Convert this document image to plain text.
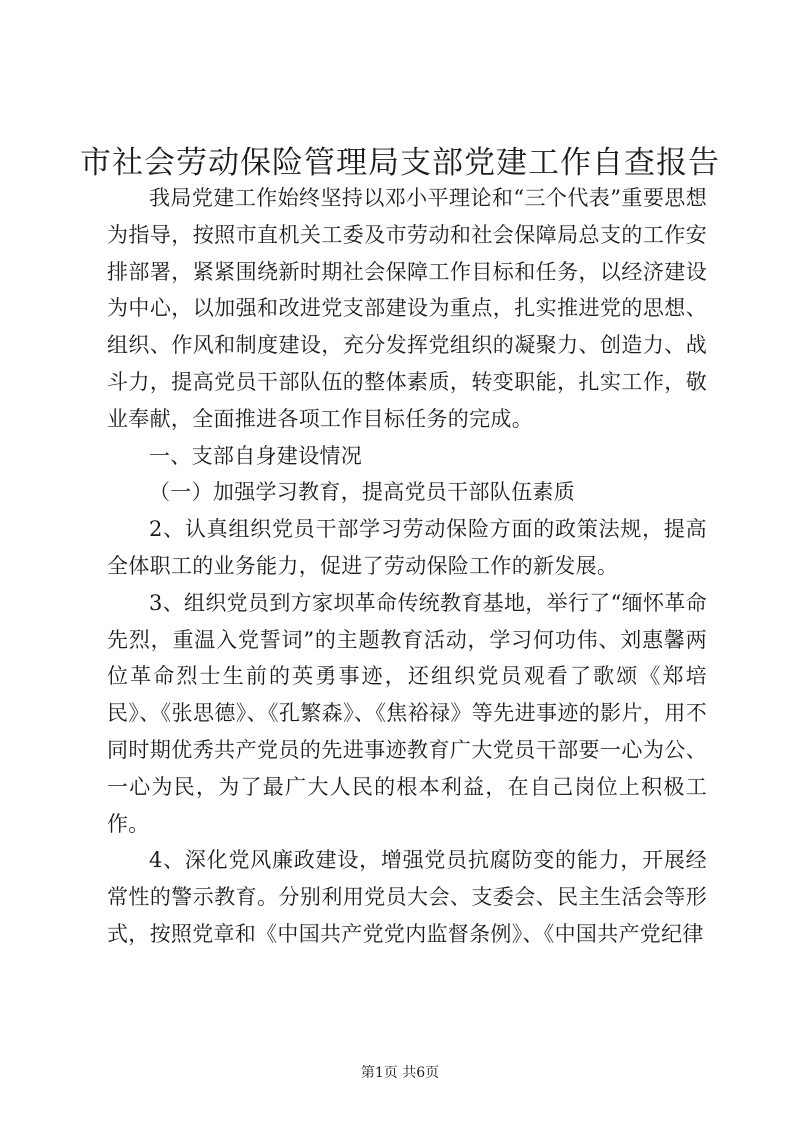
市社会劳动保险管理局支部党建工作自查报告

我局党建工作始终坚持以邓小平理论和“三个代表”重要思想为指导，按照市直机关工委及市劳动和社会保障局总支的工作安排部署，紧紧围绕新时期社会保障工作目标和任务，以经济建设为中心，以加强和改进党支部建设为重点，扎实推进党的思想、组织、作风和制度建设，充分发挥党组织的凝聚力、创造力、战斗力，提高党员干部队伍的整体素质，转变职能，扎实工作，敬业奉献，全面推进各项工作目标任务的完成。

一、支部自身建设情况

（一）加强学习教育，提高党员干部队伍素质

2、认真组织党员干部学习劳动保险方面的政策法规，提高全体职工的业务能力，促进了劳动保险工作的新发展。

3、组织党员到方家坝革命传统教育基地，举行了“缅怀革命先烈，重温入党誓词”的主题教育活动，学习何功伟、刘惠馨两位革命烈士生前的英勇事迹，还组织党员观看了歌颂《郑培民》、《张思德》、《孔繁森》、《焦裕禄》等先进事迹的影片，用不同时期优秀共产党员的先进事迹教育广大党员干部要一心为公、一心为民，为了最广大人民的根本利益，在自己岗位上积极工作。

4、深化党风廉政建设，增强党员抗腐防变的能力，开展经常性的警示教育。分别利用党员大会、支委会、民主生活会等形式，按照党章和《中国共产党党内监督条例》、《中国共产党纪律

第1页 共6页
